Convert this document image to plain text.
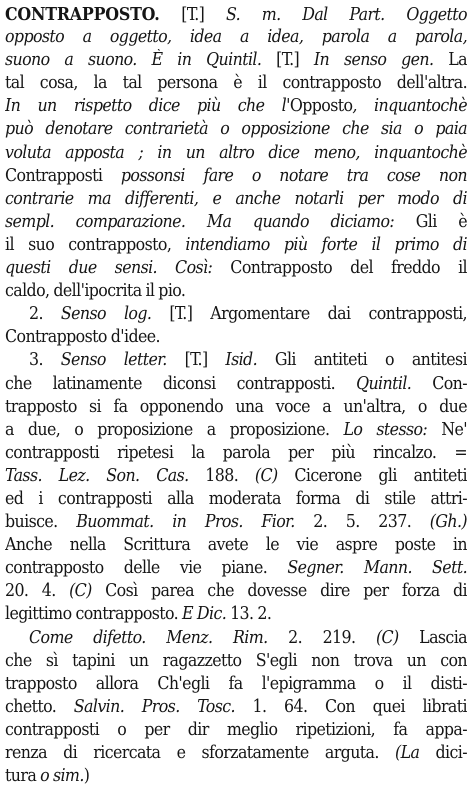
CONTRAPPOSTO. [T.] S. m. Dal Part. Oggetto
opposto a oggetto, idea a idea, parola a parola,
suono a suono. È in Quintil. [T.] In senso gen. La
tal cosa, la tal persona è il contrapposto dell'altra.
In un rispetto dice più che l'Opposto, inquantochè
può denotare contrarietà o opposizione che sia o paia
voluta apposta ; in un altro dice meno, inquantochè
Contrapposti possonsi fare o notare tra cose non
contrarie ma differenti, e anche notarli per modo di
sempl. comparazione. Ma quando diciamo: Gli è
il suo contrapposto, intendiamo più forte il primo di
questi due sensi. Così: Contrapposto del freddo il
caldo, dell'ipocrita il pio.
2. Senso log. [T.] Argomentare dai contrapposti,
Contrapposto d'idee.
3. Senso letter. [T.] Isid. Gli antiteti o antitesi
che latinamente diconsi contrapposti. Quintil. Con-
trapposto si fa opponendo una voce a un'altra, o due
a due, o proposizione a proposizione. Lo stesso: Ne'
contrapposti ripetesi la parola per più rincalzo. =
Tass. Lez. Son. Cas. 188. (C) Cicerone gli antiteti
ed i contrapposti alla moderata forma di stile attri-
buisce. Buommat. in Pros. Fior. 2. 5. 237. (Gh.)
Anche nella Scrittura avete le vie aspre poste in
contrapposto delle vie piane. Segner. Mann. Sett.
20. 4. (C) Così parea che dovesse dire per forza di
legittimo contrapposto. E Dic. 13. 2.
Come difetto. Menz. Rim. 2. 219. (C) Lascia
che sì tapini un ragazzetto S'egli non trova un con
trapposto allora Ch'egli fa l'epigramma o il disti-
chetto. Salvin. Pros. Tosc. 1. 64. Con quei librati
contrapposti o per dir meglio ripetizioni, fa appa-
renza di ricercata e sforzatamente arguta. (La dici-
tura o sim.)
